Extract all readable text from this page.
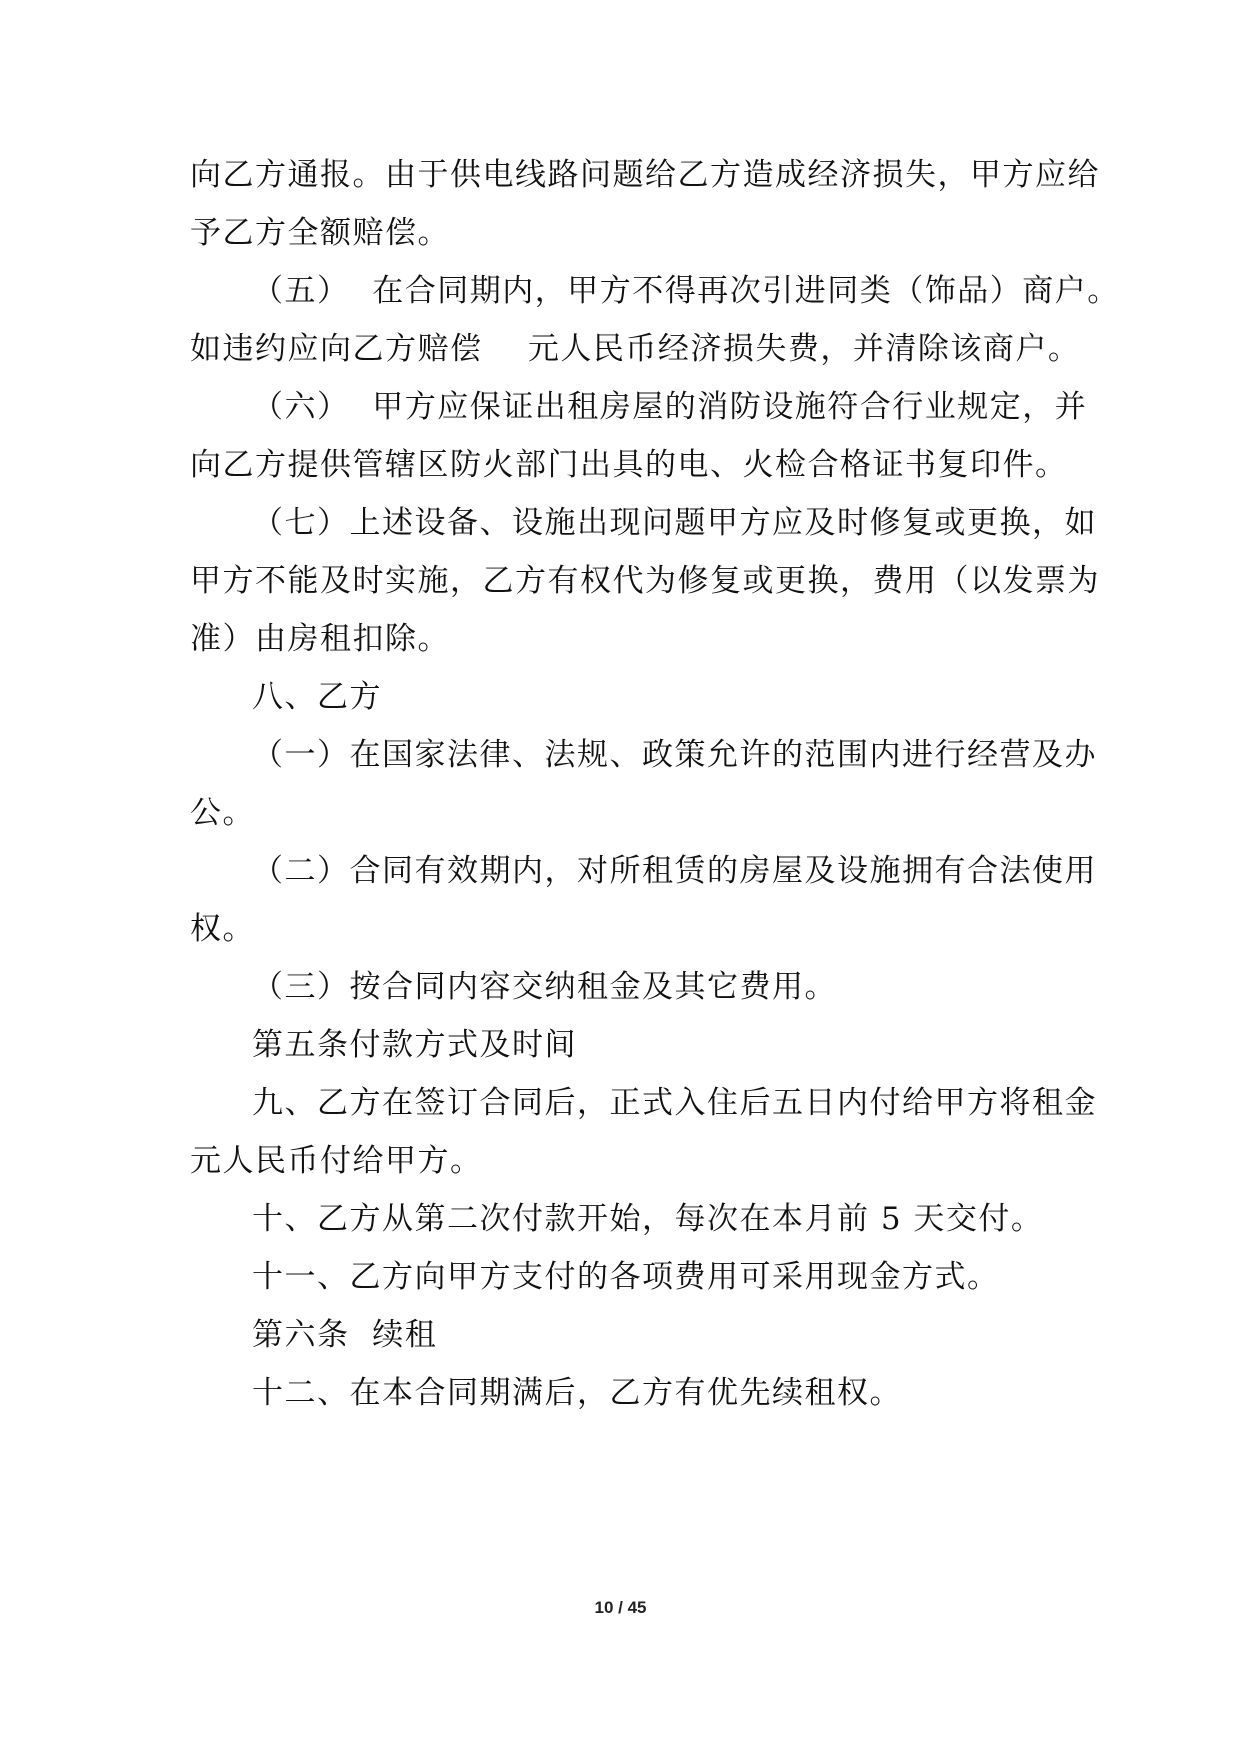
向乙方通报。由于供电线路问题给乙方造成经济损失，甲方应给
予乙方全额赔偿。
（五）  在合同期内，甲方不得再次引进同类（饰品）商户。
如违约应向乙方赔偿    元人民币经济损失费，并清除该商户。
（六）  甲方应保证出租房屋的消防设施符合行业规定，并
向乙方提供管辖区防火部门出具的电、火检合格证书复印件。
（七）上述设备、设施出现问题甲方应及时修复或更换，如
甲方不能及时实施，乙方有权代为修复或更换，费用（以发票为
准）由房租扣除。
八、乙方
（一）在国家法律、法规、政策允许的范围内进行经营及办
公。
（二）合同有效期内，对所租赁的房屋及设施拥有合法使用
权。
（三）按合同内容交纳租金及其它费用。
第五条付款方式及时间
九、乙方在签订合同后，正式入住后五日内付给甲方将租金
元人民币付给甲方。
十、乙方从第二次付款开始，每次在本月前 5 天交付。
十一、乙方向甲方支付的各项费用可采用现金方式。
第六条  续租
十二、在本合同期满后，乙方有优先续租权。
10 / 45
